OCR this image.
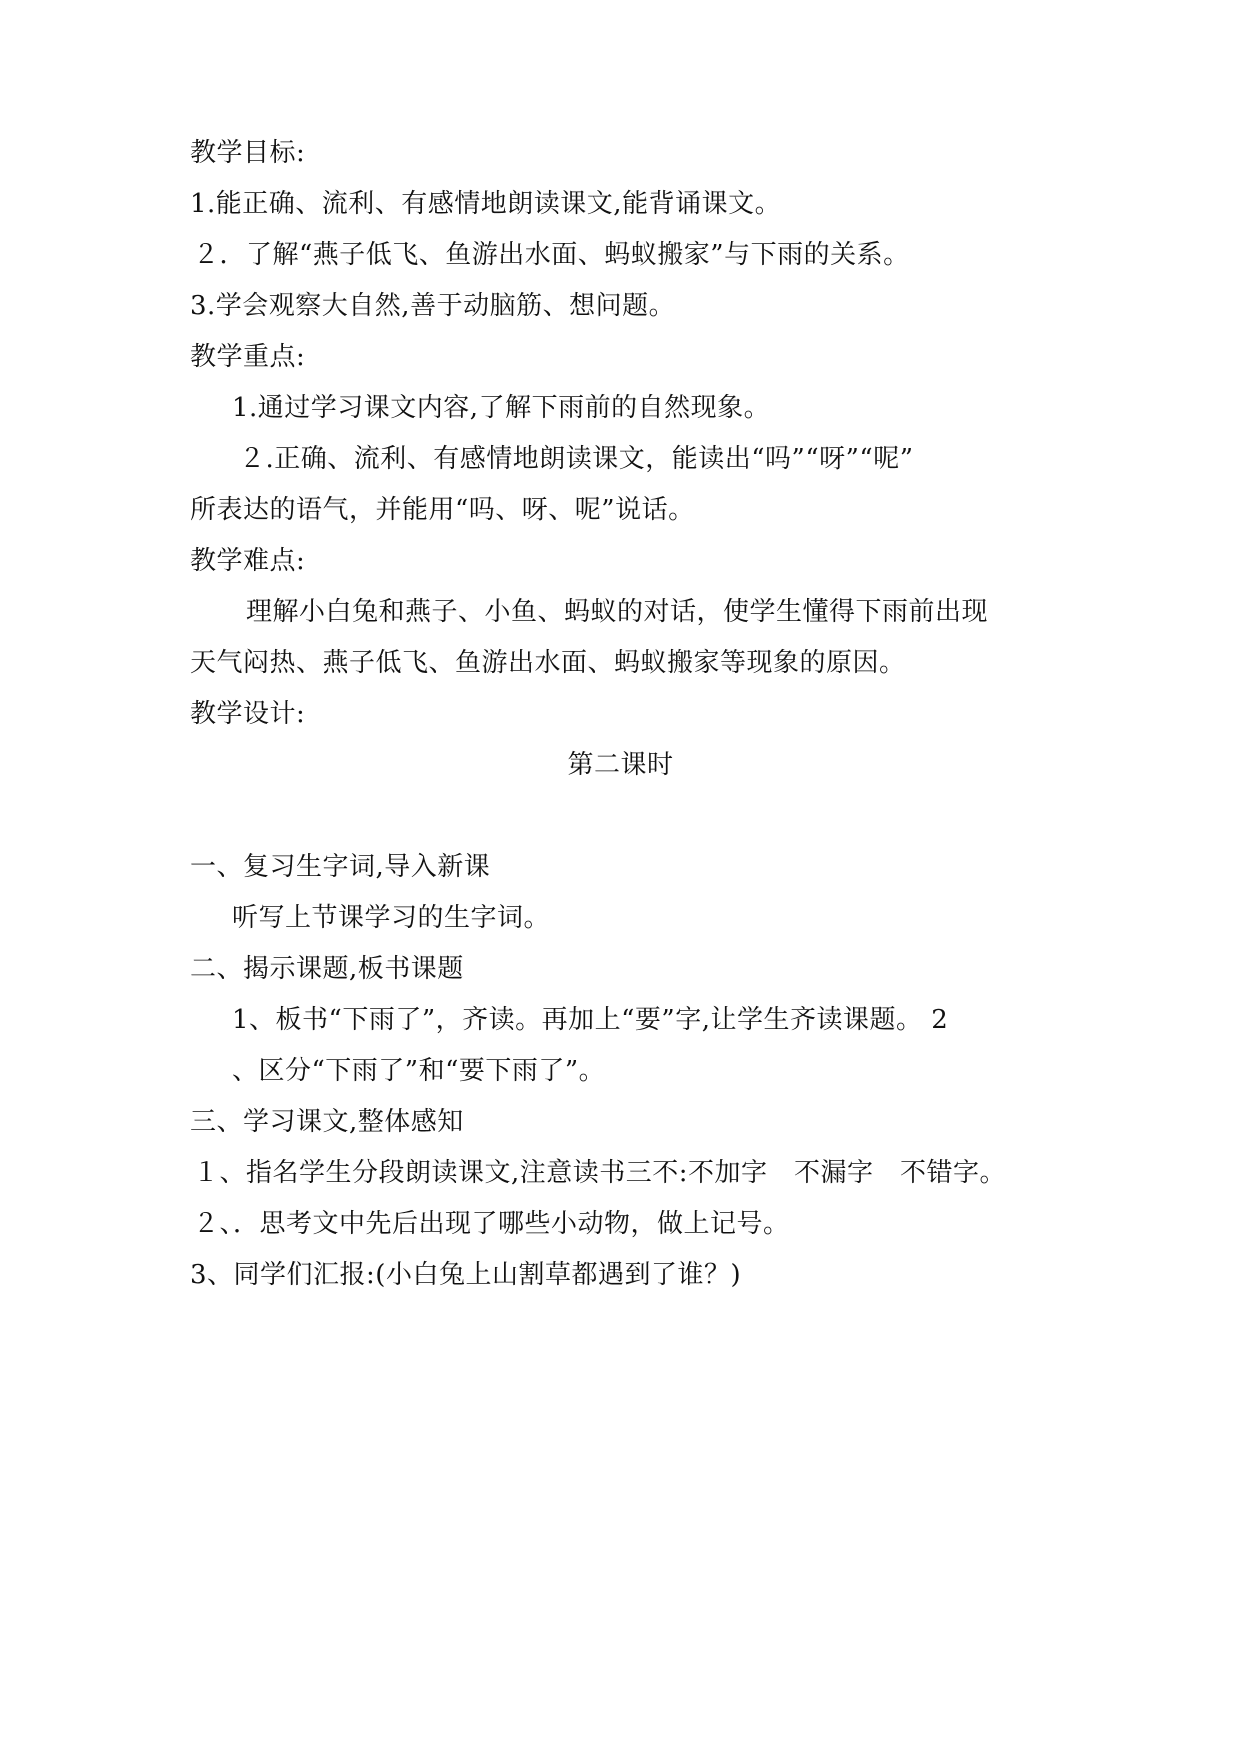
教学目标:
1.能正确、流利、有感情地朗读课文,能背诵课文。
２．了解“燕子低飞、鱼游出水面、蚂蚁搬家”与下雨的关系。
3.学会观察大自然,善于动脑筋、想问题。
教学重点:
1.通过学习课文内容,了解下雨前的自然现象。
２.正确、流利、有感情地朗读课文，能读出“吗”“呀”“呢”
所表达的语气，并能用“吗、呀、呢”说话。
教学难点:
理解小白兔和燕子、小鱼、蚂蚁的对话，使学生懂得下雨前出现
天气闷热、燕子低飞、鱼游出水面、蚂蚁搬家等现象的原因。
教学设计:
第二课时
一、复习生字词,导入新课
听写上节课学习的生字词。
二、揭示课题,板书课题
1、板书“下雨了”，齐读。再加上“要”字,让学生齐读课题。 2
、区分“下雨了”和“要下雨了”。
三、学习课文,整体感知
１、指名学生分段朗读课文,注意读书三不:不加字　不漏字　不错字。
２、．思考文中先后出现了哪些小动物，做上记号。
3、同学们汇报:(小白兔上山割草都遇到了谁？)
